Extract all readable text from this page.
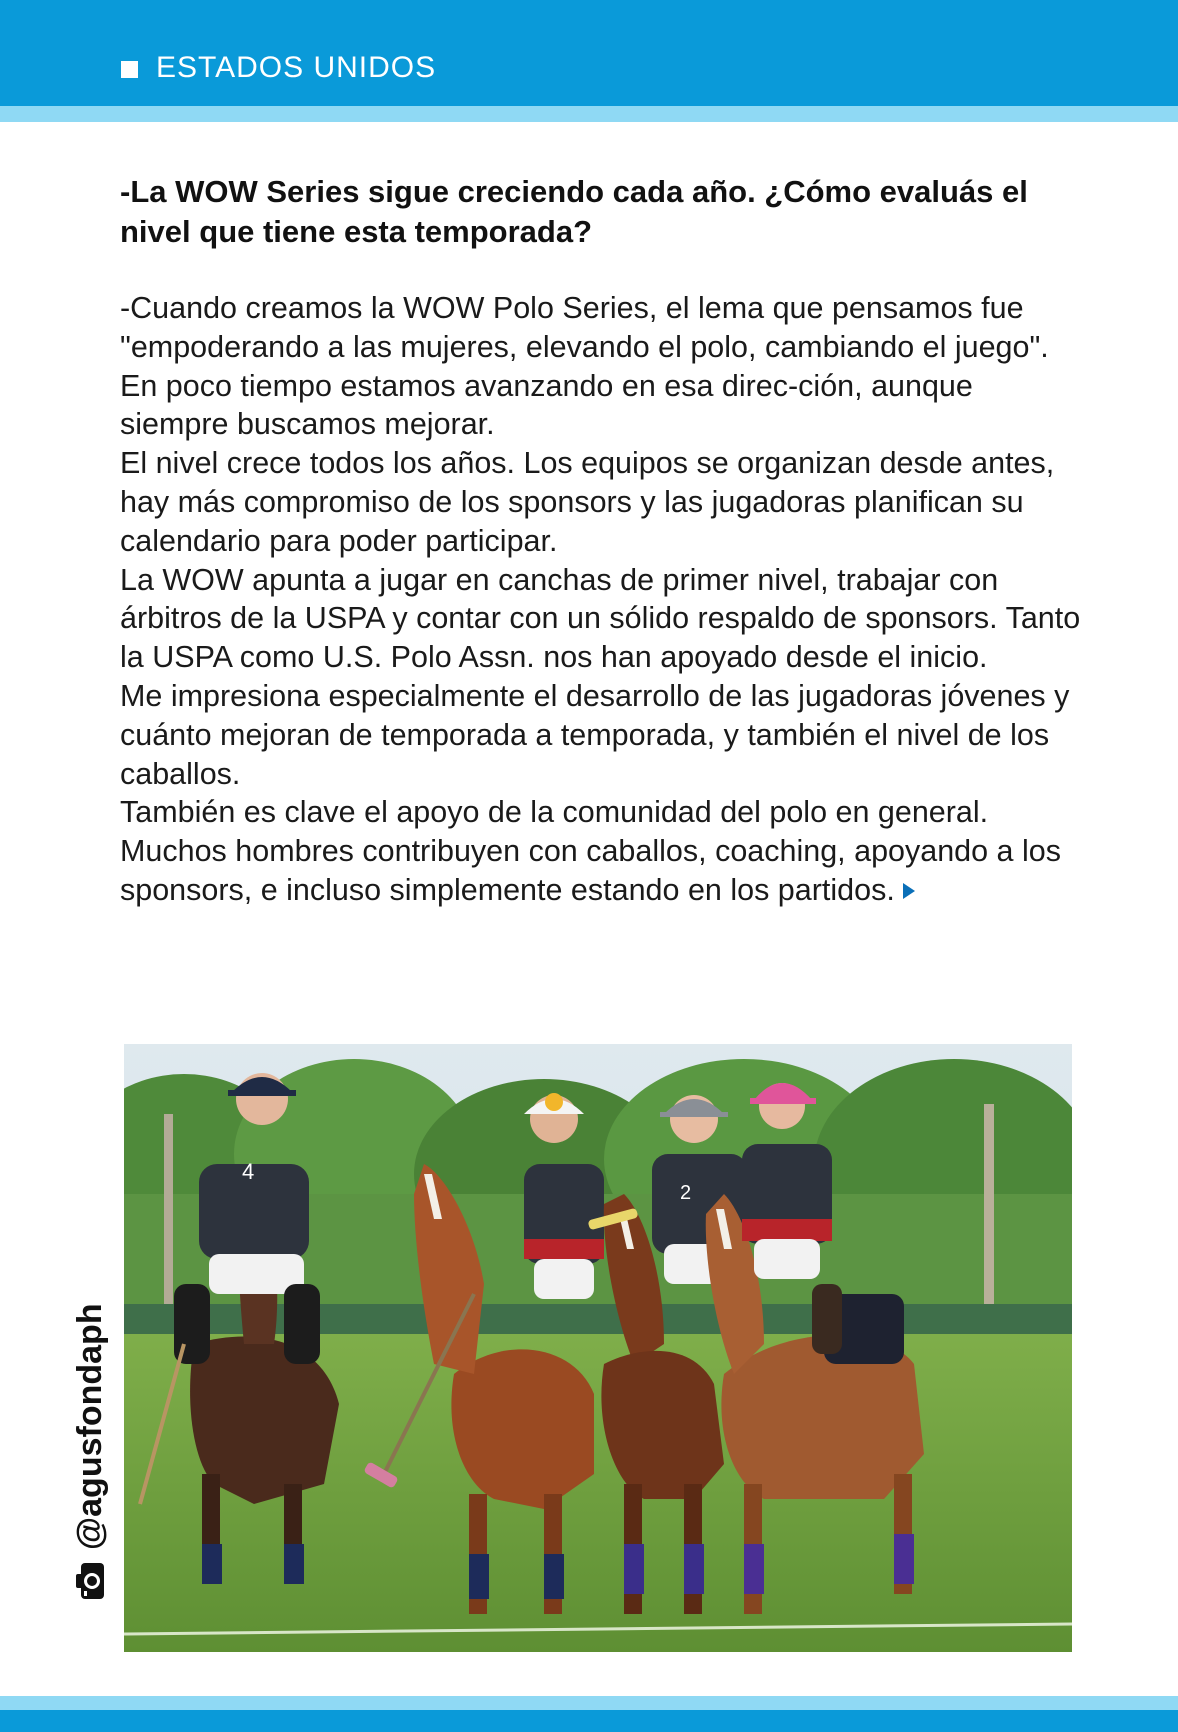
ESTADOS UNIDOS
-La WOW Series sigue creciendo cada año. ¿Cómo evaluás el nivel que tiene esta temporada?

-Cuando creamos la WOW Polo Series, el lema que pensamos fue "empoderando a las mujeres, elevando el polo, cambiando el juego". En poco tiempo estamos avanzando en esa direc-ción, aunque siempre buscamos mejorar.

El nivel crece todos los años. Los equipos se organizan desde antes, hay más compromiso de los sponsors y las jugadoras planifican su calendario para poder participar.

La WOW apunta a jugar en canchas de primer nivel, trabajar con árbitros de la USPA y contar con un sólido respaldo de sponsors. Tanto la USPA como U.S. Polo Assn. nos han apoyado desde el inicio.

Me impresiona especialmente el desarrollo de las jugadoras jóvenes y cuánto mejoran de temporada a temporada, y también el nivel de los caballos.

También es clave el apoyo de la comunidad del polo en general. Muchos hombres contribuyen con caballos, coaching, apoyando a los sponsors, e incluso simplemente estando en los partidos.

4
2
@agusfondaph
